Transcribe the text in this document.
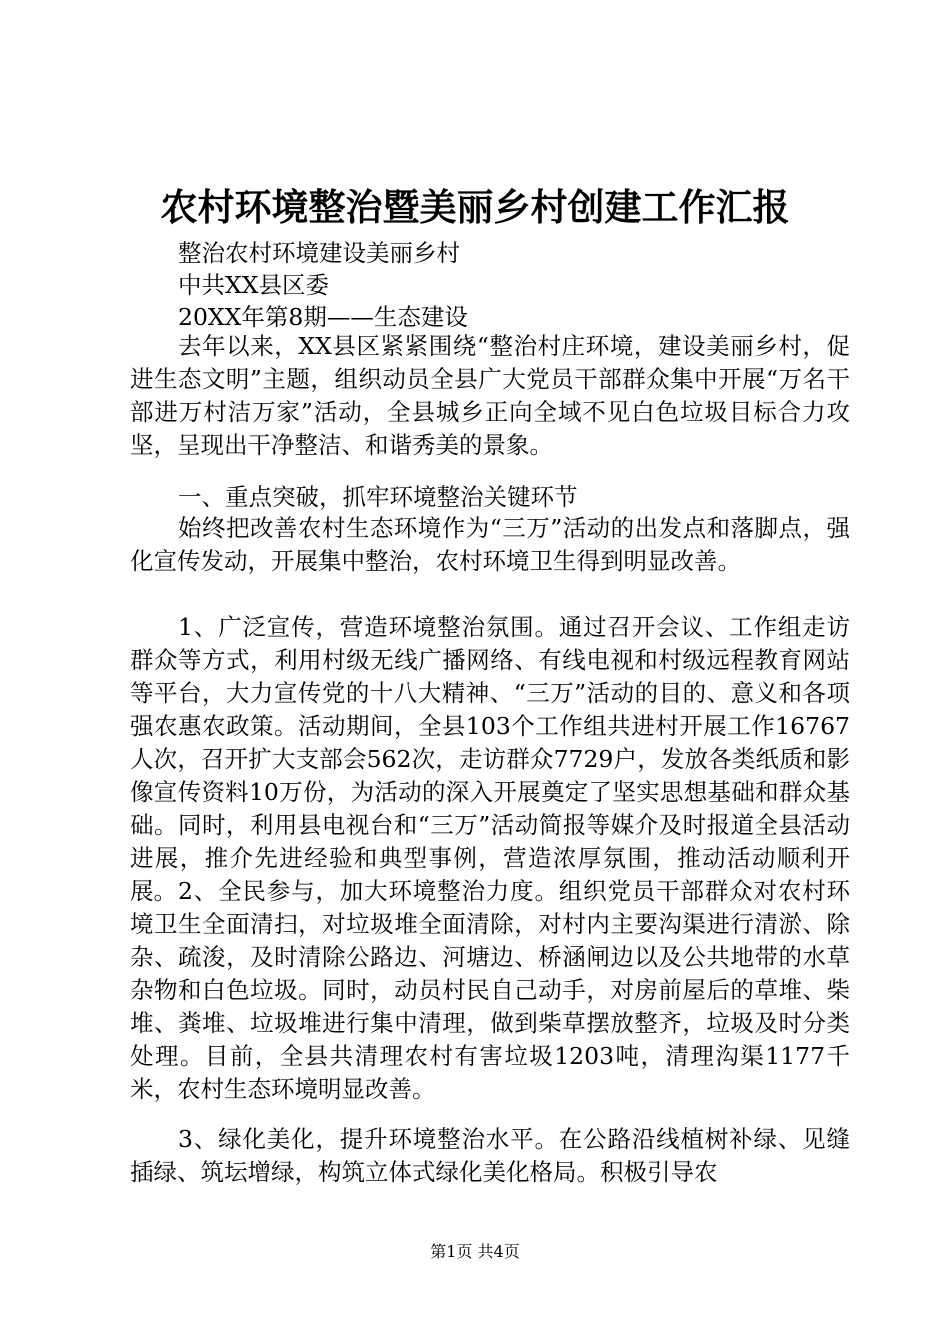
农村环境整治暨美丽乡村创建工作汇报
整治农村环境建设美丽乡村
中共XX县区委
20XX年第8期——生态建设

去年以来，XX县区紧紧围绕“整治村庄环境，建设美丽乡村，促进生态文明”主题，组织动员全县广大党员干部群众集中开展“万名干部进万村洁万家”活动，全县城乡正向全域不见白色垃圾目标合力攻坚，呈现出干净整洁、和谐秀美的景象。

一、重点突破，抓牢环境整治关键环节

始终把改善农村生态环境作为“三万”活动的出发点和落脚点，强化宣传发动，开展集中整治，农村环境卫生得到明显改善。

1、广泛宣传，营造环境整治氛围。通过召开会议、工作组走访群众等方式，利用村级无线广播网络、有线电视和村级远程教育网站等平台，大力宣传党的十八大精神、“三万”活动的目的、意义和各项强农惠农政策。活动期间，全县103个工作组共进村开展工作16767人次，召开扩大支部会562次，走访群众7729户，发放各类纸质和影像宣传资料10万份，为活动的深入开展奠定了坚实思想基础和群众基础。同时，利用县电视台和“三万”活动简报等媒介及时报道全县活动进展，推介先进经验和典型事例，营造浓厚氛围，推动活动顺利开展。 2、全民参与，加大环境整治力度。组织党员干部群众对农村环境卫生全面清扫，对垃圾堆全面清除，对村内主要沟渠进行清淤、除杂、疏浚，及时清除公路边、河塘边、桥涵闸边以及公共地带的水草杂物和白色垃圾。同时，动员村民自己动手，对房前屋后的草堆、柴堆、粪堆、垃圾堆进行集中清理，做到柴草摆放整齐，垃圾及时分类处理。目前，全县共清理农村有害垃圾1203吨，清理沟渠1177千米，农村生态环境明显改善。

3、绿化美化，提升环境整治水平。在公路沿线植树补绿、见缝插绿、筑坛增绿，构筑立体式绿化美化格局。积极引导农

第1页 共4页
